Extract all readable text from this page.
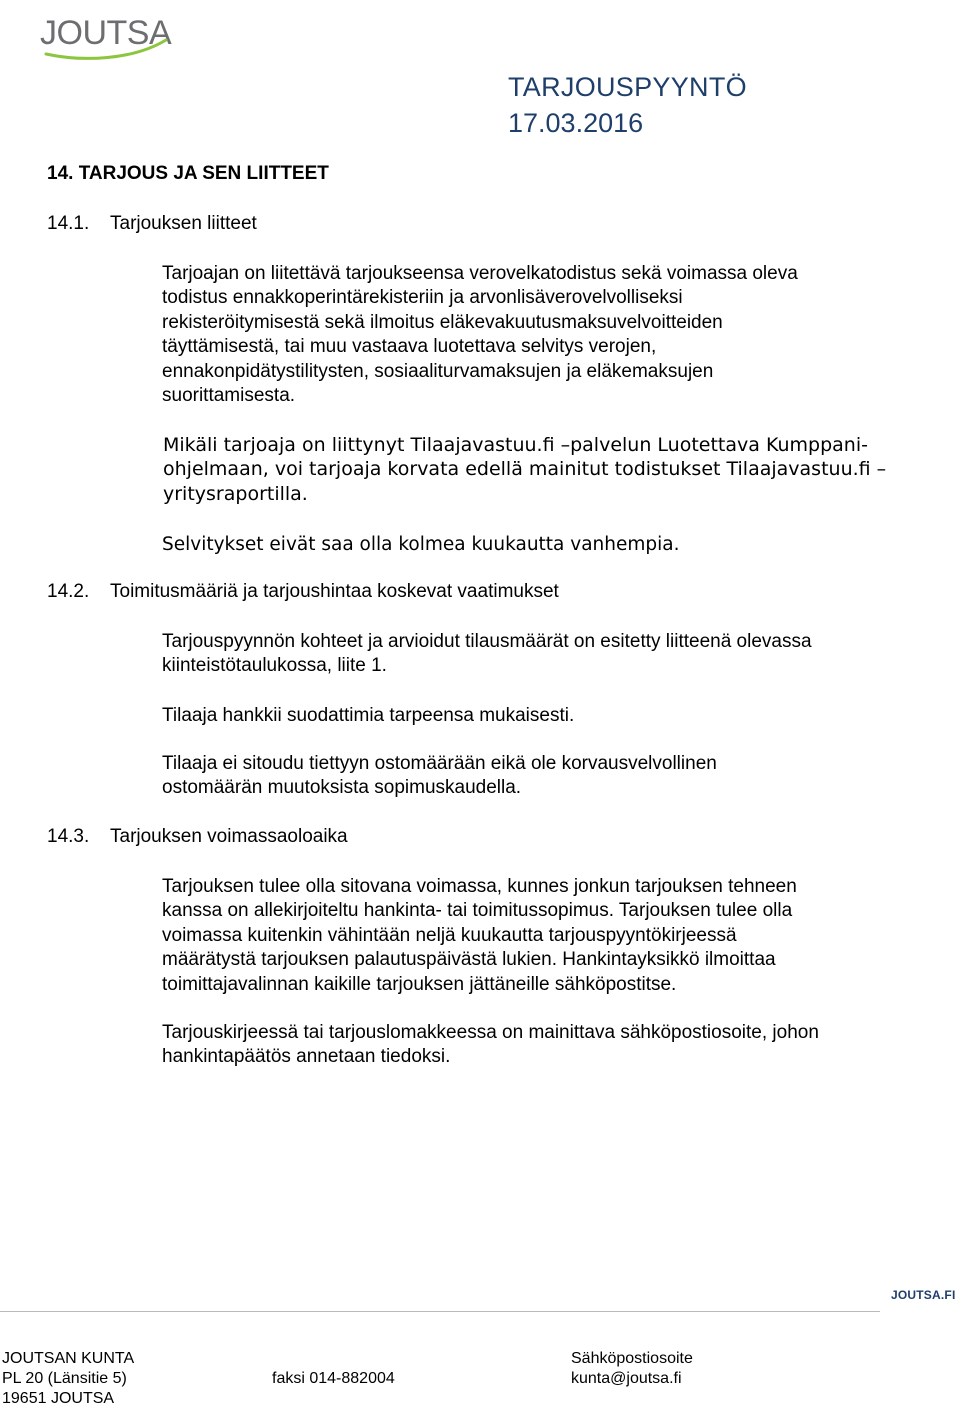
JOUTSA
TARJOUSPYYNTÖ
17.03.2016
14. TARJOUS JA SEN LIITTEET
14.1. Tarjouksen liitteet

Tarjoajan on liitettävä tarjoukseensa verovelkatodistus sekä voimassa oleva

todistus ennakkoperintärekisteriin ja arvonlisäverovelvolliseksi

rekisteröitymisestä sekä ilmoitus eläkevakuutusmaksuvelvoitteiden

täyttämisestä, tai muu vastaava luotettava selvitys verojen,

ennakonpidätystilitysten, sosiaaliturvamaksujen ja eläkemaksujen

suorittamisesta.

Mikäli tarjoaja on liittynyt Tilaajavastuu.fi –palvelun Luotettava Kumppani-

ohjelmaan, voi tarjoaja korvata edellä mainitut todistukset Tilaajavastuu.fi –

yritysraportilla.

Selvitykset eivät saa olla kolmea kuukautta vanhempia.
14.2. Toimitusmääriä ja tarjoushintaa koskevat vaatimukset

Tarjouspyynnön kohteet ja arvioidut tilausmäärät on esitetty liitteenä olevassa

kiinteistötaulukossa, liite 1.

Tilaaja hankkii suodattimia tarpeensa mukaisesti.

Tilaaja ei sitoudu tiettyyn ostomäärään eikä ole korvausvelvollinen

ostomäärän muutoksista sopimuskaudella.

14.3. Tarjouksen voimassaoloaika

Tarjouksen tulee olla sitovana voimassa, kunnes jonkun tarjouksen tehneen

kanssa on allekirjoiteltu hankinta- tai toimitussopimus. Tarjouksen tulee olla

voimassa kuitenkin vähintään neljä kuukautta tarjouspyyntökirjeessä

määrätystä tarjouksen palautuspäivästä lukien. Hankintayksikkö ilmoittaa

toimittajavalinnan kaikille tarjouksen jättäneille sähköpostitse.

Tarjouskirjeessä tai tarjouslomakkeessa on mainittava sähköpostiosoite, johon

hankintapäätös annetaan tiedoksi.

JOUTSA.FI
JOUTSAN KUNTA
PL 20 (Länsitie 5)
19651 JOUTSA
faksi 014-882004
Sähköpostiosoite
kunta@joutsa.fi
